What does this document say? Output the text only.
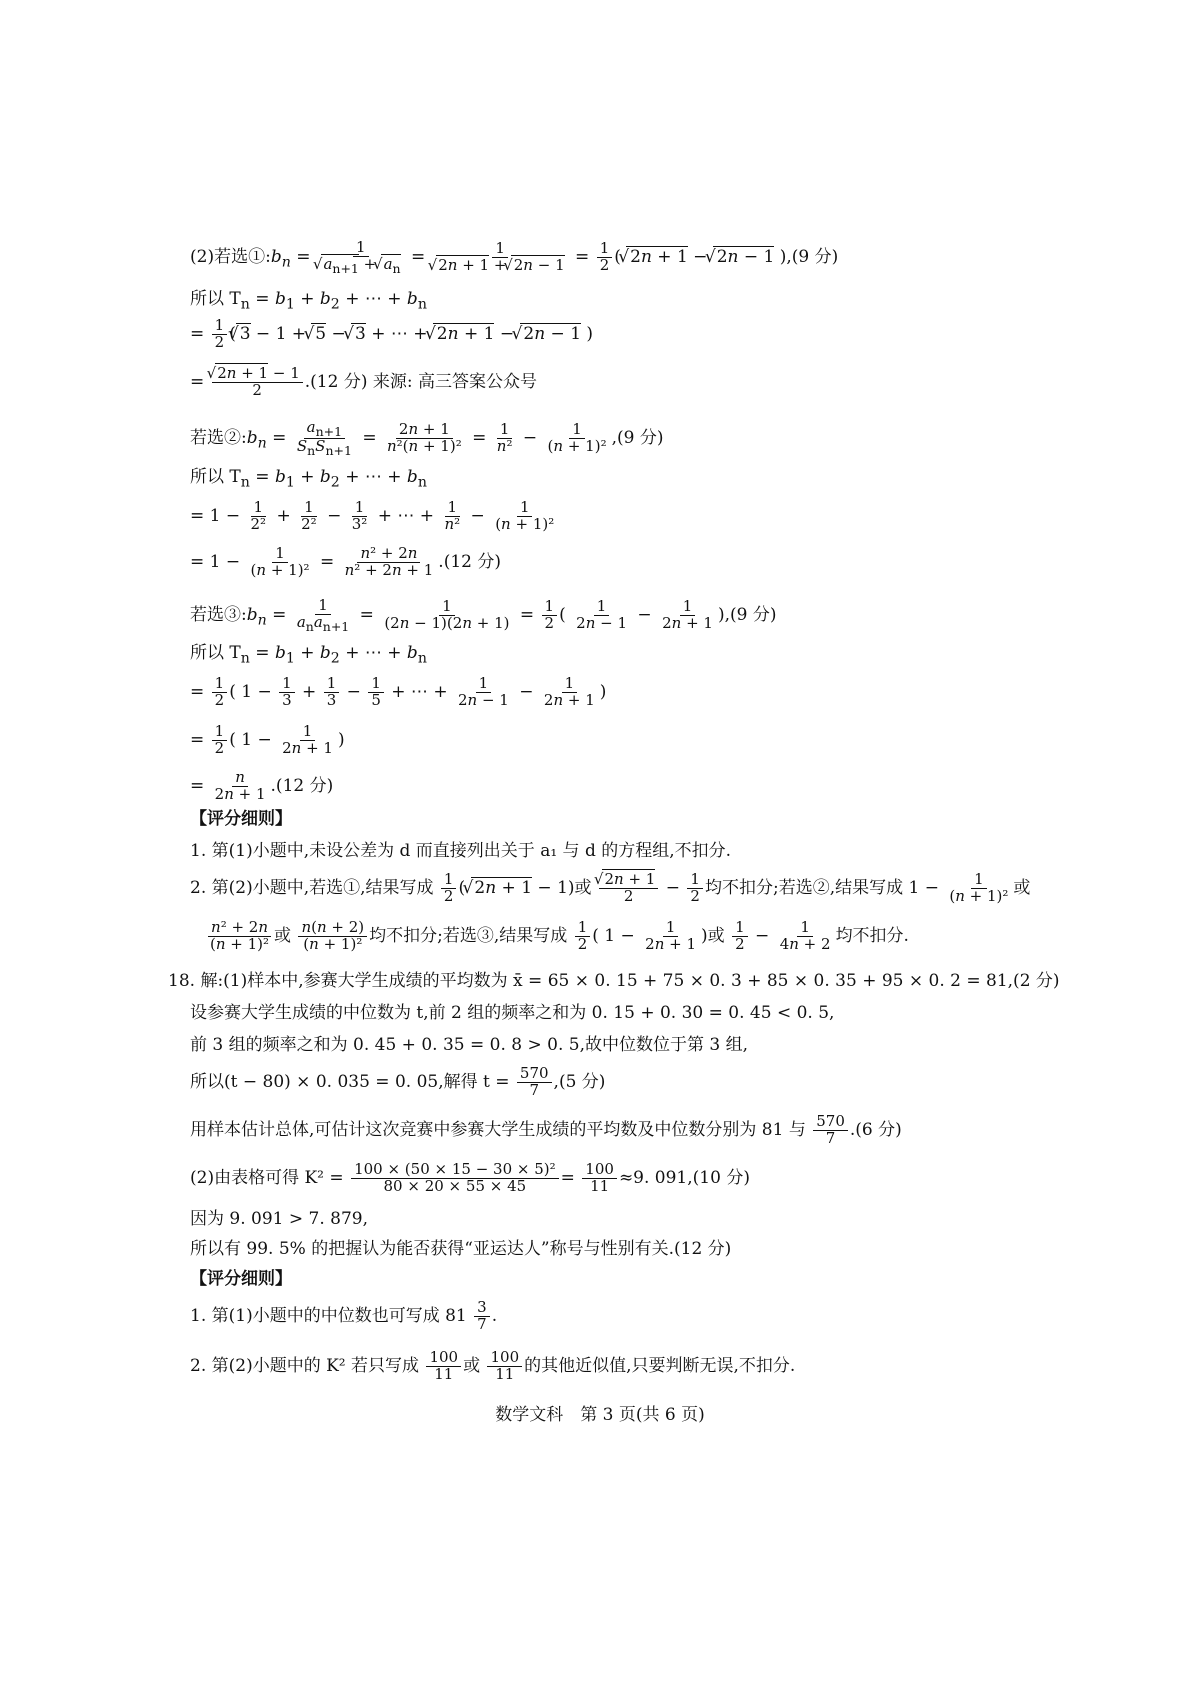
(2)若选$①:b_n = 1$
√ $a_{n+1}$ + √ $a_n = 1$
√ 2n + 1 + √ $2n - 1 = \frac{1}{2}$ ( √ 2n + 1 − √ 2n − 1 ),(9 分)
所以 $T_n = b_1 + b_2$ + ⋯ + $b_n$
= $\frac{1}{2}$ ( √ 3 − 1 + √ 5 − √ 3 + ⋯ + √ 2n + 1 − √ 2n − 1 )
= √ $\frac{2n + 1 - 1}{2} .(12$ 分) 来源: 高三答案公众号
若选$②:b_n = \frac{a_{n+1}}{S_nS_{n+1}} = \frac{2n + 1}{\text{n²(n + 1)²}} = \frac{1}{\text{n²}} - \frac{1}{\text{(n + 1)²}} ,(9$ 分)
所以 $T_n = b_1 + b_2$ + ⋯ + $b_n$
= $1 - \frac{1}{\text{2²}} + \frac{1}{\text{2²}} - \frac{1}{\text{3²}}$ + ⋯ + $\frac{1}{\text{n²}} - \frac{1}{\text{(n + 1)²}}$
= $1 - \frac{1}{\text{(n + 1)²}} = \frac{\text{n² + 2n}}{\text{n² + 2n + 1}} .(12$ 分)
若选$③:b_n = \frac{1}{a_na_{n+1}} = \frac{1}{(2n - 1)(2n + 1)} = \frac{1}{2}$ ( $\frac{1}{2n - 1} - \frac{1}{2n + 1} ),(9$ 分)
所以 $T_n = b_1 + b_2$ + ⋯ + $b_n$
= $\frac{1}{2}$ ( $1 - \frac{1}{3} + \frac{1}{3} - \frac{1}{5}$ + ⋯ + $\frac{1}{2n - 1} - \frac{1}{2n + 1}$ )
= $\frac{1}{2}$ ( $1 - \frac{1}{2n + 1}$ )
= $\frac{n}{2n + 1} .(12$ 分)
【评分细则】
1. 第(1)小题中,未设公差为 d 而直接列出关于 a₁ 与 d 的方程组,不扣分.
2. 第(2)小题中,若选①,结果写成 $\frac{1}{2}$ ( √ 2n + 1 − 1)或 √ $\frac{2n + 1}{2} - \frac{1}{2}$ 均不扣分;若选②,结果写成 $1 - \frac{1}{\text{(n + 1)²}}$ 或
$\frac{\text{n² + 2n}}{\text{(n + 1)²}}$ 或 $\frac{n(n + 2)}{\text{(n + 1)²}}$ 均不扣分;若选③,结果写成 $\frac{1}{2}$ ( $1 - \frac{1}{2n + 1}$ )或 $\frac{1}{2} - \frac{1}{4n + 2}$ 均不扣分.
18. 解:(1)样本中,参赛大学生成绩的平均数为 x̄ = 65 × 0. 15 + 75 × 0. 3 + 85 × 0. 35 + 95 × 0. 2 = 81,(2 分)
设参赛大学生成绩的中位数为 t,前 2 组的频率之和为 0. 15 + 0. 30 = 0. 45 < 0. 5,
前 3 组的频率之和为 0. 45 + 0. 35 = 0. 8 > 0. 5,故中位数位于第 3 组,
所以(t − 80) × 0. 035 = 0. 05,解得 $t = \frac{570}{7} ,(5$ 分)
用样本估计总体,可估计这次竞赛中参赛大学生成绩的平均数及中位数分别为 81 与 $\frac{570}{7} .(6$ 分)
(2)由表格可得 $K^2 = \frac{\text{100 × (50 × 15 − 30 × 5)²}}{80 \times 20 \times 55 \times 45} = \frac{100}{11} \approx 9$. 091,(10 分)
因为 9. 091 > 7. 879,
所以有 99. 5% 的把握认为能否获得“亚运达人”称号与性别有关.(12 分)
【评分细则】
1. 第(1)小题中的中位数也可写成 $81 \frac{3}{7}$ .
数学文科　第 3 页(共 6 页)
2. 第(2)小题中的 K² 若只写成 $\frac{100}{11}$ 或 $\frac{100}{11}$ 的其他近似值,只要判断无误,不扣分.
